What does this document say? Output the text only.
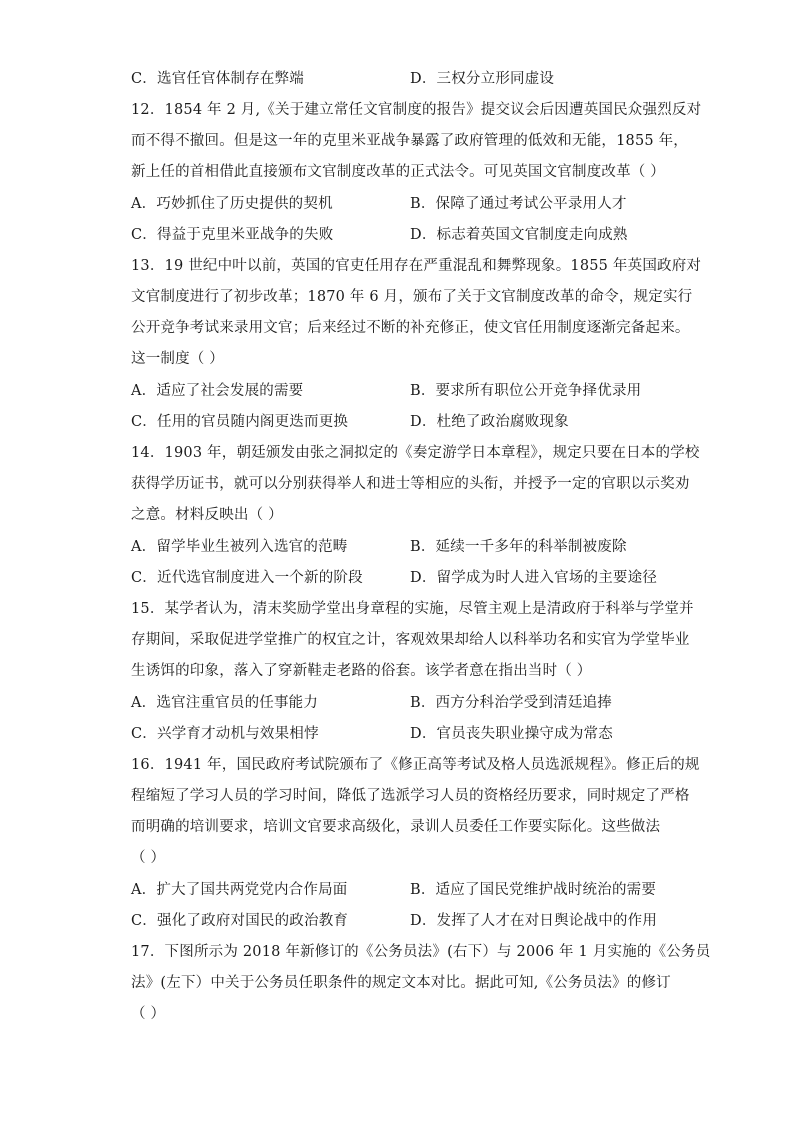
C．选官任官体制存在弊端	D．三权分立形同虚设
12．1854 年 2 月,《关于建立常任文官制度的报告》提交议会后因遭英国民众强烈反对
而不得不撤回。但是这一年的克里米亚战争暴露了政府管理的低效和无能，1855 年，
新上任的首相借此直接颁布文官制度改革的正式法令。可见英国文官制度改革（ ）
A．巧妙抓住了历史提供的契机	B．保障了通过考试公平录用人才
C．得益于克里米亚战争的失败	D．标志着英国文官制度走向成熟
13．19 世纪中叶以前，英国的官吏任用存在严重混乱和舞弊现象。1855 年英国政府对
文官制度进行了初步改革；1870 年 6 月，颁布了关于文官制度改革的命令，规定实行
公开竞争考试来录用文官；后来经过不断的补充修正，使文官任用制度逐渐完备起来。
这一制度（ ）
A．适应了社会发展的需要	B．要求所有职位公开竞争择优录用
C．任用的官员随内阁更迭而更换	D．杜绝了政治腐败现象
14．1903 年，朝廷颁发由张之洞拟定的《奏定游学日本章程》，规定只要在日本的学校
获得学历证书，就可以分别获得举人和进士等相应的头衔，并授予一定的官职以示奖劝
之意。材料反映出（ ）
A．留学毕业生被列入选官的范畴	B．延续一千多年的科举制被废除
C．近代选官制度进入一个新的阶段	D．留学成为时人进入官场的主要途径
15．某学者认为，清末奖励学堂出身章程的实施，尽管主观上是清政府于科举与学堂并
存期间，采取促进学堂推广的权宜之计，客观效果却给人以科举功名和实官为学堂毕业
生诱饵的印象，落入了穿新鞋走老路的俗套。该学者意在指出当时（ ）
A．选官注重官员的任事能力	B．西方分科治学受到清廷追捧
C．兴学育才动机与效果相悖	D．官员丧失职业操守成为常态
16．1941 年，国民政府考试院颁布了《修正高等考试及格人员选派规程》。修正后的规
程缩短了学习人员的学习时间，降低了选派学习人员的资格经历要求，同时规定了严格
而明确的培训要求，培训文官要求高级化，录训人员委任工作要实际化。这些做法
（ ）
A．扩大了国共两党党内合作局面	B．适应了国民党维护战时统治的需要
C．强化了政府对国民的政治教育	D．发挥了人才在对日舆论战中的作用
17．下图所示为 2018 年新修订的《公务员法》(右下）与 2006 年 1 月实施的《公务员
法》(左下）中关于公务员任职条件的规定文本对比。据此可知,《公务员法》的修订
（ ）
